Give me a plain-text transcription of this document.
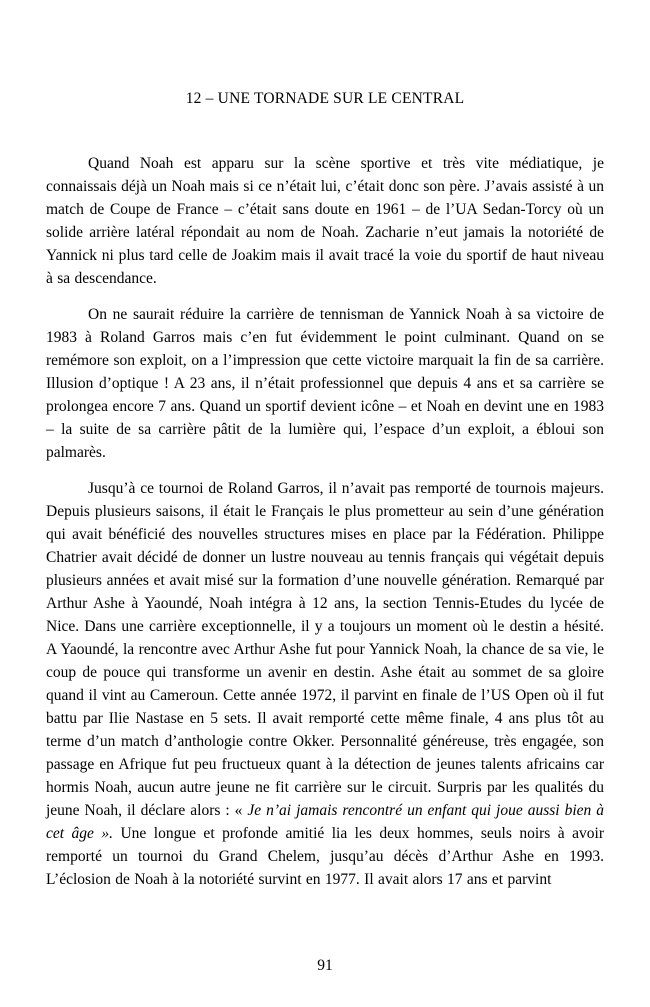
12 – UNE TORNADE SUR LE CENTRAL

Quand Noah est apparu sur la scène sportive et très vite médiatique, je connaissais déjà un Noah mais si ce n’était lui, c’était donc son père. J’avais assisté à un match de Coupe de France – c’était sans doute en 1961 – de l’UA Sedan-Torcy où un solide arrière latéral répondait au nom de Noah. Zacharie n’eut jamais la notoriété de Yannick ni plus tard celle de Joakim mais il avait tracé la voie du sportif de haut niveau à sa descendance.

On ne saurait réduire la carrière de tennisman de Yannick Noah à sa victoire de 1983 à Roland Garros mais c’en fut évidemment le point culminant. Quand on se remémore son exploit, on a l’impression que cette victoire marquait la fin de sa carrière. Illusion d’optique ! A 23 ans, il n’était professionnel que depuis 4 ans et sa carrière se prolongea encore 7 ans. Quand un sportif devient icône – et Noah en devint une en 1983 – la suite de sa carrière pâtit de la lumière qui, l’espace d’un exploit, a ébloui son palmarès.

Jusqu’à ce tournoi de Roland Garros, il n’avait pas remporté de tournois majeurs. Depuis plusieurs saisons, il était le Français le plus prometteur au sein d’une génération qui avait bénéficié des nouvelles structures mises en place par la Fédération. Philippe Chatrier avait décidé de donner un lustre nouveau au tennis français qui végétait depuis plusieurs années et avait misé sur la formation d’une nouvelle génération. Remarqué par Arthur Ashe à Yaoundé, Noah intégra à 12 ans, la section Tennis-Etudes du lycée de Nice. Dans une carrière exceptionnelle, il y a toujours un moment où le destin a hésité. A Yaoundé, la rencontre avec Arthur Ashe fut pour Yannick Noah, la chance de sa vie, le coup de pouce qui transforme un avenir en destin. Ashe était au sommet de sa gloire quand il vint au Cameroun. Cette année 1972, il parvint en finale de l’US Open où il fut battu par Ilie Nastase en 5 sets. Il avait remporté cette même finale, 4 ans plus tôt au terme d’un match d’anthologie contre Okker. Personnalité généreuse, très engagée, son passage en Afrique fut peu fructueux quant à la détection de jeunes talents africains car hormis Noah, aucun autre jeune ne fit carrière sur le circuit. Surpris par les qualités du jeune Noah, il déclare alors : « Je n’ai jamais rencontré un enfant qui joue aussi bien à cet âge ». Une longue et profonde amitié lia les deux hommes, seuls noirs à avoir remporté un tournoi du Grand Chelem, jusqu’au décès d’Arthur Ashe en 1993. L’éclosion de Noah à la notoriété survint en 1977. Il avait alors 17 ans et parvint

91
